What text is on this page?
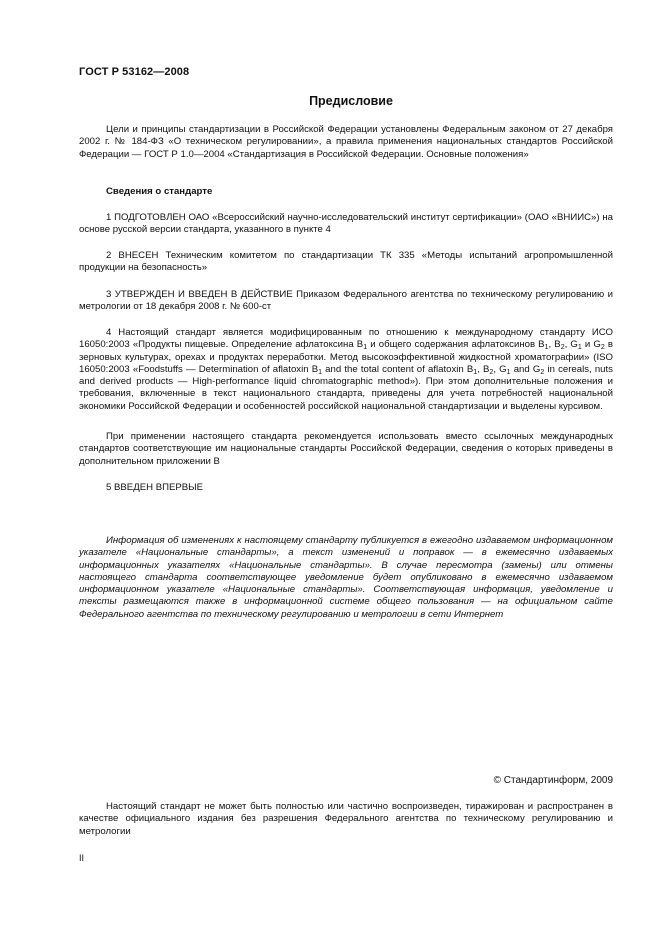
ГОСТ Р 53162—2008
Предисловие

Цели и принципы стандартизации в Российской Федерации установлены Федеральным законом от 27 декабря 2002 г. № 184-ФЗ «О техническом регулировании», а правила применения национальных стандартов Российской Федерации — ГОСТ Р 1.0—2004 «Стандартизация в Российской Федерации. Основные положения»

Сведения о стандарте

1 ПОДГОТОВЛЕН ОАО «Всероссийский научно-исследовательский институт сертификации» (ОАО «ВНИИС») на основе русской версии стандарта, указанного в пункте 4

2 ВНЕСЕН Техническим комитетом по стандартизации ТК 335 «Методы испытаний агропромышленной продукции на безопасность»

3 УТВЕРЖДЕН И ВВЕДЕН В ДЕЙСТВИЕ Приказом Федерального агентства по техническому регулированию и метрологии от 18 декабря 2008 г. № 600-ст

4 Настоящий стандарт является модифицированным по отношению к международному стандарту ИСО 16050:2003 «Продукты пищевые. Определение афлатоксина $B_1$ и общего содержания афлатоксинов $B_1$, $B_2$, $G_1$ и $G_2$ в зерновых культурах, орехах и продуктах переработки. Метод высокоэффективной жидкостной хроматографии» (ISO 16050:2003 «Foodstuffs — Determination of aflatoxin $B_1$ and the total content of aflatoxin $B_1$, $B_2$, $G_1$ and $G_2$ in cereals, nuts and derived products — High-performance liquid chromatographic method»). При этом дополнительные положения и требования, включенные в текст национального стандарта, приведены для учета потребностей национальной экономики Российской Федерации и особенностей российской национальной стандартизации и выделены курсивом.

При применении настоящего стандарта рекомендуется использовать вместо ссылочных международных стандартов соответствующие им национальные стандарты Российской Федерации, сведения о которых приведены в дополнительном приложении В

5 ВВЕДЕН ВПЕРВЫЕ

Информация об изменениях к настоящему стандарту публикуется в ежегодно издаваемом информационном указателе «Национальные стандарты», а текст изменений и поправок — в ежемесячно издаваемых информационных указателях «Национальные стандарты». В случае пересмотра (замены) или отмены настоящего стандарта соответствующее уведомление будет опубликовано в ежемесячно издаваемом информационном указателе «Национальные стандарты». Соответствующая информация, уведомление и тексты размещаются также в информационной системе общего пользования — на официальном сайте Федерального агентства по техническому регулированию и метрологии в сети Интернет

© Стандартинформ, 2009

Настоящий стандарт не может быть полностью или частично воспроизведен, тиражирован и распространен в качестве официального издания без разрешения Федерального агентства по техническому регулированию и метрологии

II
